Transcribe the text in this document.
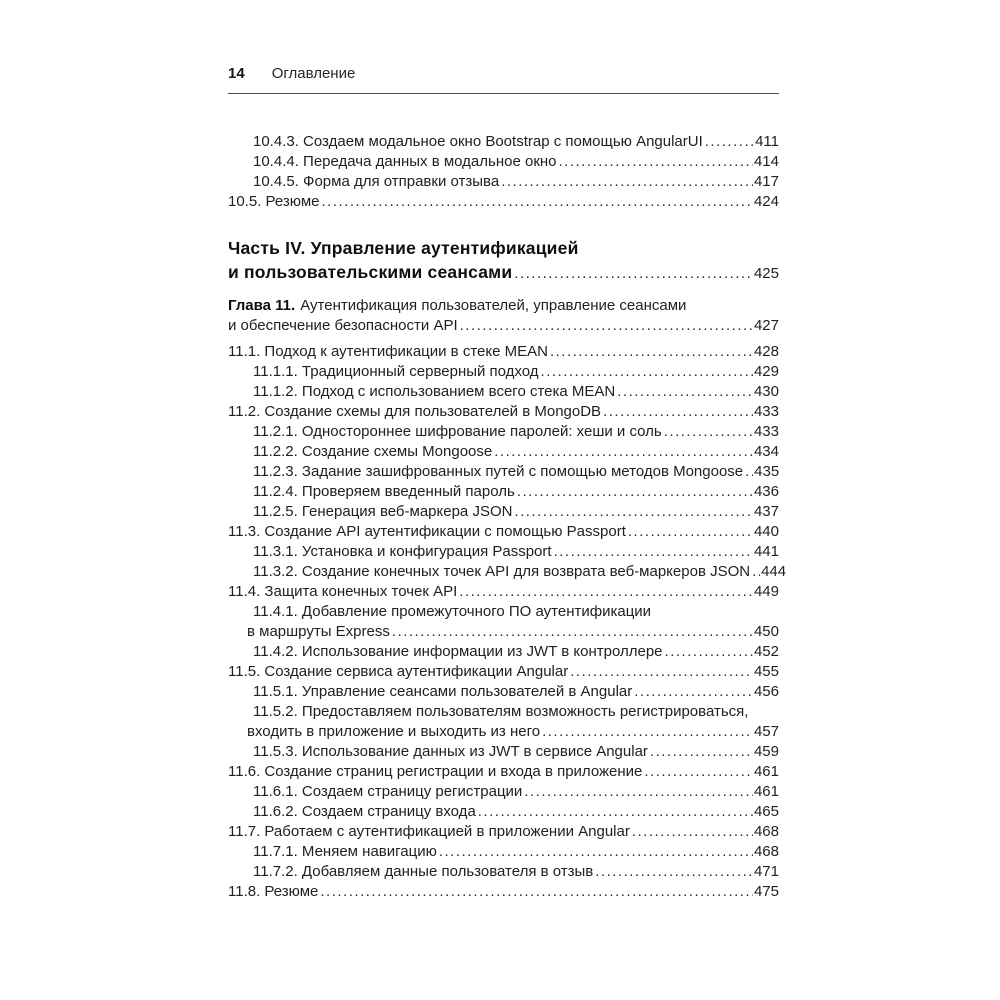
14 Оглавление
10.4.3. Создаем модальное окно Bootstrap с помощью AngularUI .....	411
10.4.4. Передача данных в модальное окно .....	414
10.4.5. Форма для отправки отзыва .....	417
10.5. Резюме .....	424
Часть IV. Управление аутентификацией
и пользовательскими сеансами .....	425
Глава 11. Аутентификация пользователей, управление сеансами
и обеспечение безопасности API .....	427
11.1. Подход к аутентификации в стеке MEAN .....	428
11.1.1. Традиционный серверный подход .....	429
11.1.2. Подход с использованием всего стека MEAN .....	430
11.2. Создание схемы для пользователей в MongoDB .....	433
11.2.1. Одностороннее шифрование паролей: хеши и соль .....	433
11.2.2. Создание схемы Mongoose .....	434
11.2.3. Задание зашифрованных путей с помощью методов Mongoose ..... 435
11.2.4. Проверяем введенный пароль .....	436
11.2.5. Генерация веб-маркера JSON .....	437
11.3. Создание API аутентификации с помощью Passport .....	440
11.3.1. Установка и конфигурация Passport .....	441
11.3.2. Создание конечных точек API для возврата веб-маркеров JSON ..... 444
11.4. Защита конечных точек API .....	449
11.4.1. Добавление промежуточного ПО аутентификации
в маршруты Express .....	450
11.4.2. Использование информации из JWT в контроллере .....	452
11.5. Создание сервиса аутентификации Angular .....	455
11.5.1. Управление сеансами пользователей в Angular .....	456
11.5.2. Предоставляем пользователям возможность регистрироваться,
входить в приложение и выходить из него .....	457
11.5.3. Использование данных из JWT в сервисе Angular .....	459
11.6. Создание страниц регистрации и входа в приложение .....	461
11.6.1. Создаем страницу регистрации .....	461
11.6.2. Создаем страницу входа .....	465
11.7. Работаем с аутентификацией в приложении Angular .....	468
11.7.1. Меняем навигацию .....	468
11.7.2. Добавляем данные пользователя в отзыв .....	471
11.8. Резюме .....	475
